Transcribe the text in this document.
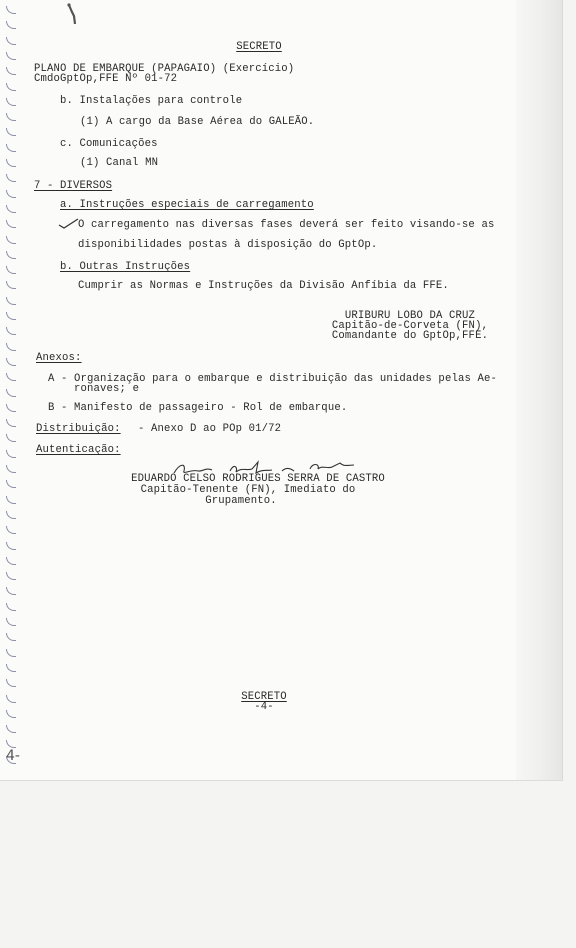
SECRETO
PLANO DE EMBARQUE (PAPAGAIO) (Exercício)
CmdoGptOp,FFE Nº 01-72
b. Instalações para controle
(1) A cargo da Base Aérea do GALEÃO.
c. Comunicações
(1) Canal MN
7 - DIVERSOS
a. Instruções especiais de carregamento
O carregamento nas diversas fases deverá ser feito visando-se as
disponibilidades postas à disposição do GptOp.
b. Outras Instruções
Cumprir as Normas e Instruções da Divisão Anfíbia da FFE.
URIBURU LOBO DA CRUZ
Capitão-de-Corveta (FN),
Comandante do GptOp,FFE.
Anexos:
A - Organização para o embarque e distribuição das unidades pelas Ae-
ronaves; e
B - Manifesto de passageiro - Rol de embarque.
Distribuição: - Anexo D ao POp 01/72
Autenticação:
EDUARDO CELSO RODRIGUES SERRA DE CASTRO
Capitão-Tenente (FN), Imediato do
Grupamento.
SECRETO
-4-
4-
